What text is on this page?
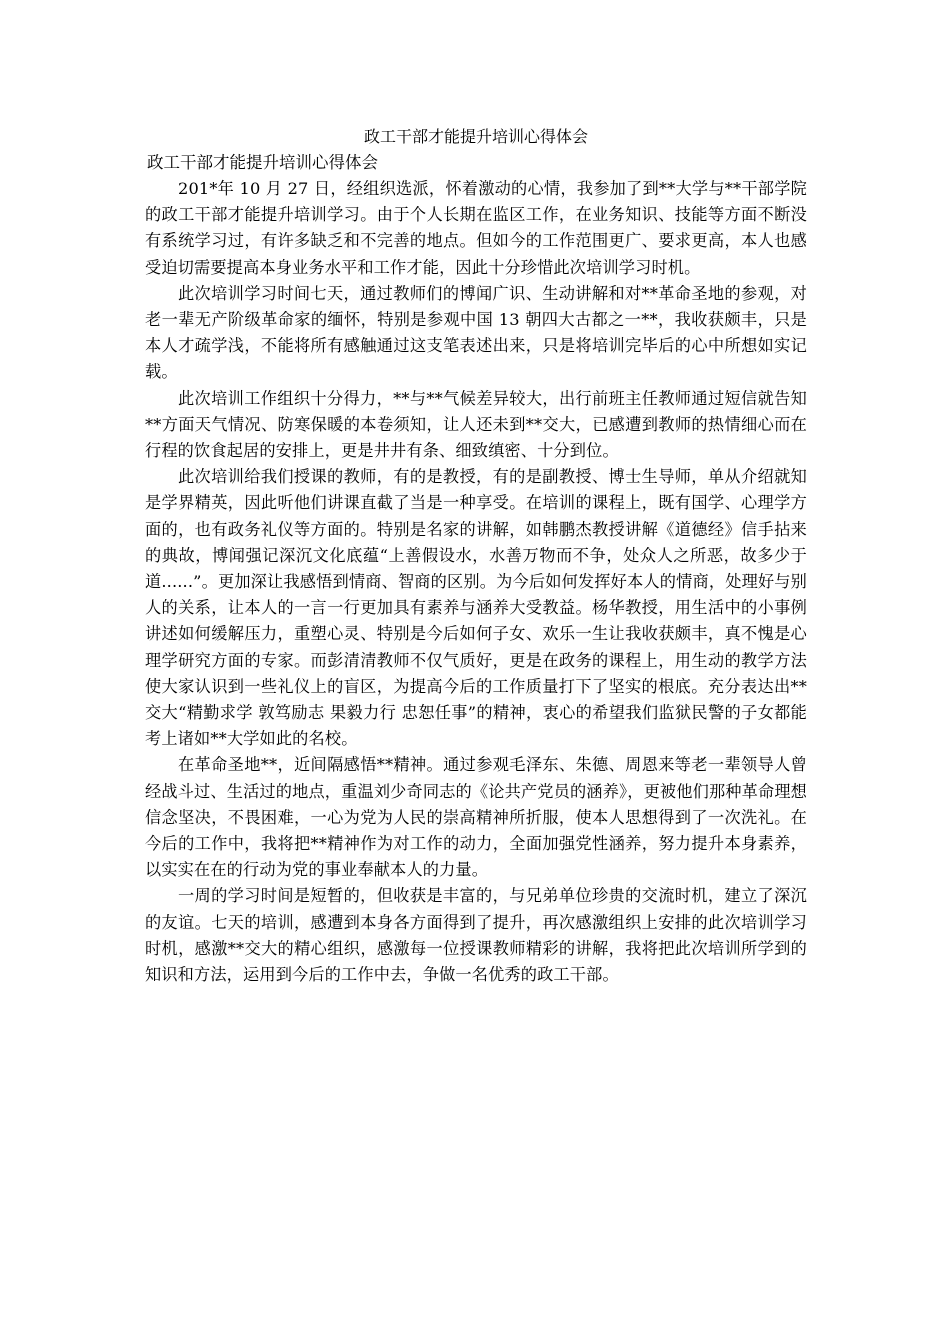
政工干部才能提升培训心得体会
政工干部才能提升培训心得体会

201*年 10 月 27 日，经组织选派，怀着激动的心情，我参加了到**大学与**干部学院的政工干部才能提升培训学习。由于个人长期在监区工作，在业务知识、技能等方面不断没有系统学习过，有许多缺乏和不完善的地点。但如今的工作范围更广、要求更高，本人也感受迫切需要提高本身业务水平和工作才能，因此十分珍惜此次培训学习时机。

此次培训学习时间七天，通过教师们的博闻广识、生动讲解和对**革命圣地的参观，对老一辈无产阶级革命家的缅怀，特别是参观中国 13 朝四大古都之一**，我收获颇丰，只是本人才疏学浅，不能将所有感触通过这支笔表述出来，只是将培训完毕后的心中所想如实记载。

此次培训工作组织十分得力，**与**气候差异较大，出行前班主任教师通过短信就告知**方面天气情况、防寒保暖的本卷须知，让人还未到**交大，已感遭到教师的热情细心而在行程的饮食起居的安排上，更是井井有条、细致缜密、十分到位。

此次培训给我们授课的教师，有的是教授，有的是副教授、博士生导师，单从介绍就知是学界精英，因此听他们讲课直截了当是一种享受。在培训的课程上，既有国学、心理学方面的，也有政务礼仪等方面的。特别是名家的讲解，如韩鹏杰教授讲解《道德经》信手拈来的典故，博闻强记深沉文化底蕴“上善假设水，水善万物而不争，处众人之所恶，故多少于道......”。更加深让我感悟到情商、智商的区别。为今后如何发挥好本人的情商，处理好与别人的关系，让本人的一言一行更加具有素养与涵养大受教益。杨华教授，用生活中的小事例讲述如何缓解压力，重塑心灵、特别是今后如何子女、欢乐一生让我收获颇丰，真不愧是心理学研究方面的专家。而彭清清教师不仅气质好，更是在政务的课程上，用生动的教学方法使大家认识到一些礼仪上的盲区，为提高今后的工作质量打下了坚实的根底。充分表达出**交大“精勤求学 敦笃励志 果毅力行 忠恕任事”的精神，衷心的希望我们监狱民警的子女都能考上诸如**大学如此的名校。

在革命圣地**，近间隔感悟**精神。通过参观毛泽东、朱德、周恩来等老一辈领导人曾经战斗过、生活过的地点，重温刘少奇同志的《论共产党员的涵养》，更被他们那种革命理想信念坚决，不畏困难，一心为党为人民的崇高精神所折服，使本人思想得到了一次洗礼。在今后的工作中，我将把**精神作为对工作的动力，全面加强党性涵养，努力提升本身素养，以实实在在的行动为党的事业奉献本人的力量。

一周的学习时间是短暂的，但收获是丰富的，与兄弟单位珍贵的交流时机，建立了深沉的友谊。七天的培训，感遭到本身各方面得到了提升，再次感激组织上安排的此次培训学习时机，感激**交大的精心组织，感激每一位授课教师精彩的讲解，我将把此次培训所学到的知识和方法，运用到今后的工作中去，争做一名优秀的政工干部。
